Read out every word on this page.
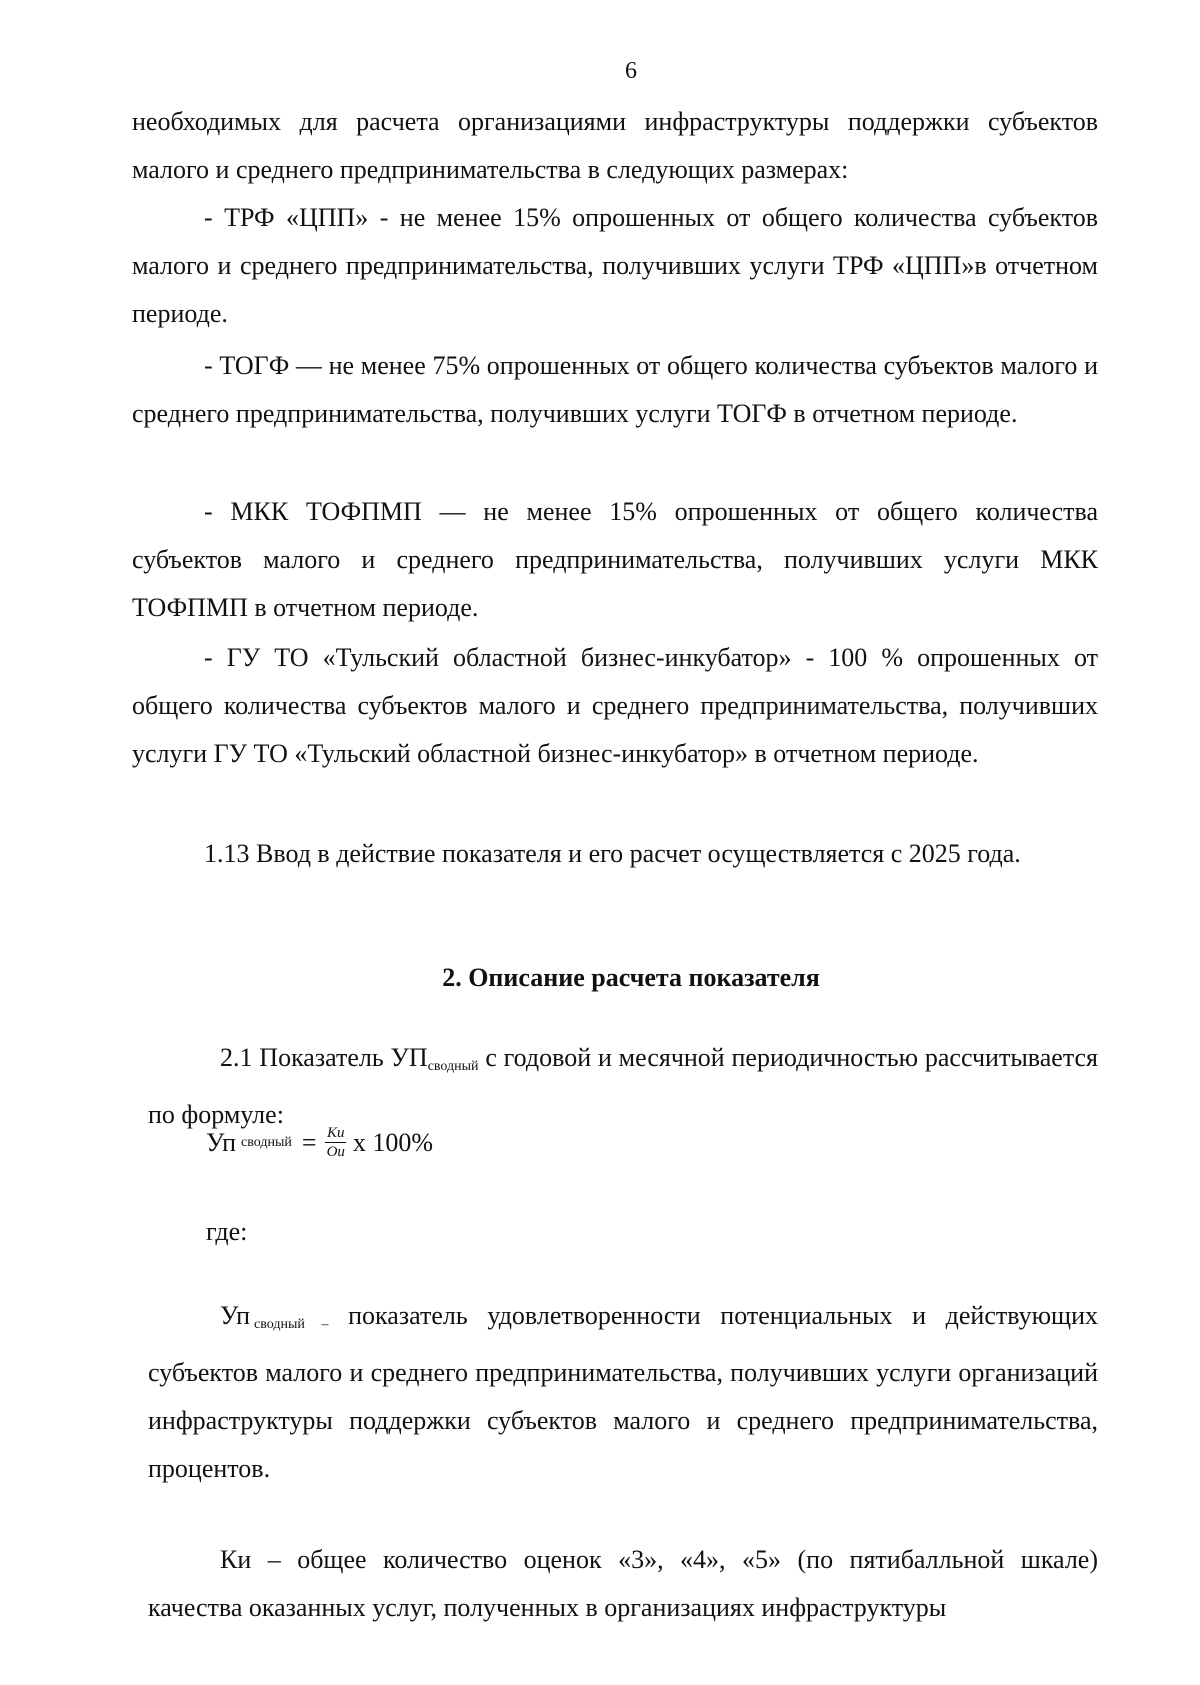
6

необходимых для расчета организациями инфраструктуры поддержки субъектов малого и среднего предпринимательства в следующих размерах:

- ТРФ «ЦПП» - не менее 15% опрошенных от общего количества субъектов малого и среднего предпринимательства, получивших услуги ТРФ «ЦПП»в отчетном периоде.

- ТОГФ — не менее 75% опрошенных от общего количества субъектов малого и среднего предпринимательства, получивших услуги ТОГФ в отчетном периоде.

- МКК ТОФПМП — не менее 15% опрошенных от общего количества субъектов малого и среднего предпринимательства, получивших услуги МКК ТОФПМП в отчетном периоде.

- ГУ ТО «Тульский областной бизнес-инкубатор» - 100 % опрошенных от общего количества субъектов малого и среднего предпринимательства, получивших услуги ГУ ТО «Тульский областной бизнес-инкубатор» в отчетном периоде.

1.13 Ввод в действие показателя и его расчет осуществляется с 2025 года.

2. Описание расчета показателя

2.1 Показатель $УП_{сводный}$ с годовой и месячной периодичностью рассчитывается по формуле:

Уп сводный = $\frac{Ки}{Ои}$ х 100%
где:

Уп $_{сводный -}$ показатель удовлетворенности потенциальных и действующих субъектов малого и среднего предпринимательства, получивших услуги организаций инфраструктуры поддержки субъектов малого и среднего предпринимательства, процентов.

Ки – общее количество оценок «3», «4», «5» (по пятибалльной шкале) качества оказанных услуг, полученных в организациях инфраструктуры
